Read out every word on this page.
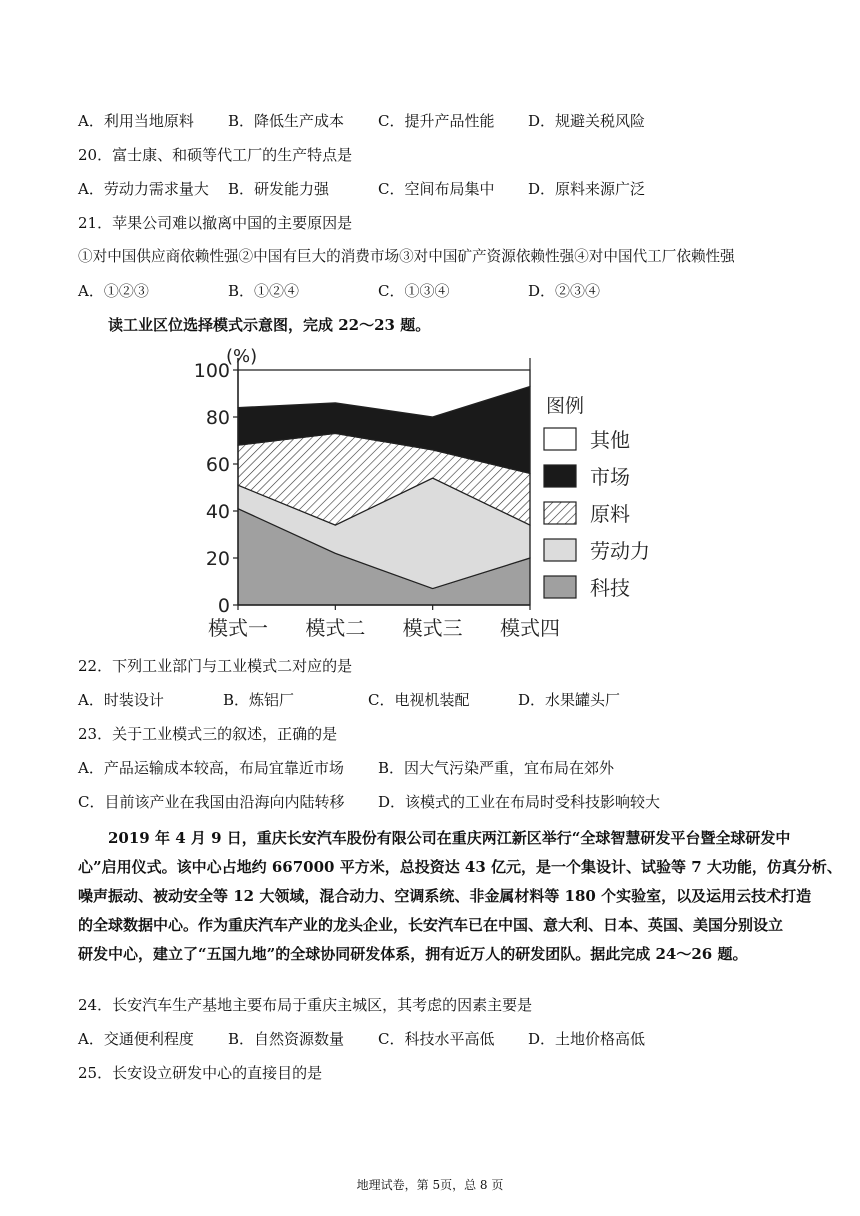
A．利用当地原料 B．降低生产成本 C．提升产品性能 D．规避关税风险
20．富士康、和硕等代工厂的生产特点是
A．劳动力需求量大 B．研发能力强	C．空间布局集中 D．原料来源广泛
21．苹果公司难以撤离中国的主要原因是
①对中国供应商依赖性强②中国有巨大的消费市场③对中国矿产资源依赖性强④对中国代工厂依赖性强
A．①②③	B．①②④	C．①③④	D．②③④
读工业区位选择模式示意图，完成 22～23 题。
0
20
40
60
80
100
(%)
模式一 模式二 模式三 模式四
图例
其他
市场
原料
劳动力
科技
22．下列工业部门与工业模式二对应的是
A．时装设计	B．炼铝厂	C．电视机装配	D．水果罐头厂
23．关于工业模式三的叙述，正确的是
A．产品运输成本较高，布局宜靠近市场 B．因大气污染严重，宜布局在郊外
C．目前该产业在我国由沿海向内陆转移 D．该模式的工业在布局时受科技影响较大
2019 年 4 月 9 日，重庆长安汽车股份有限公司在重庆两江新区举行“全球智慧研发平台暨全球研发中
心”启用仪式。该中心占地约 667000 平方米，总投资达 43 亿元，是一个集设计、试验等 7 大功能，仿真分析、
噪声振动、被动安全等 12 大领域，混合动力、空调系统、非金属材料等 180 个实验室，以及运用云技术打造
的全球数据中心。作为重庆汽车产业的龙头企业，长安汽车已在中国、意大利、日本、英国、美国分别设立
研发中心，建立了“五国九地”的全球协同研发体系，拥有近万人的研发团队。据此完成 24～26 题。
24．长安汽车生产基地主要布局于重庆主城区，其考虑的因素主要是
A．交通便利程度 B．自然资源数量 C．科技水平高低 D．土地价格高低
25．长安设立研发中心的直接目的是
地理试卷，第 5页，总 8 页
